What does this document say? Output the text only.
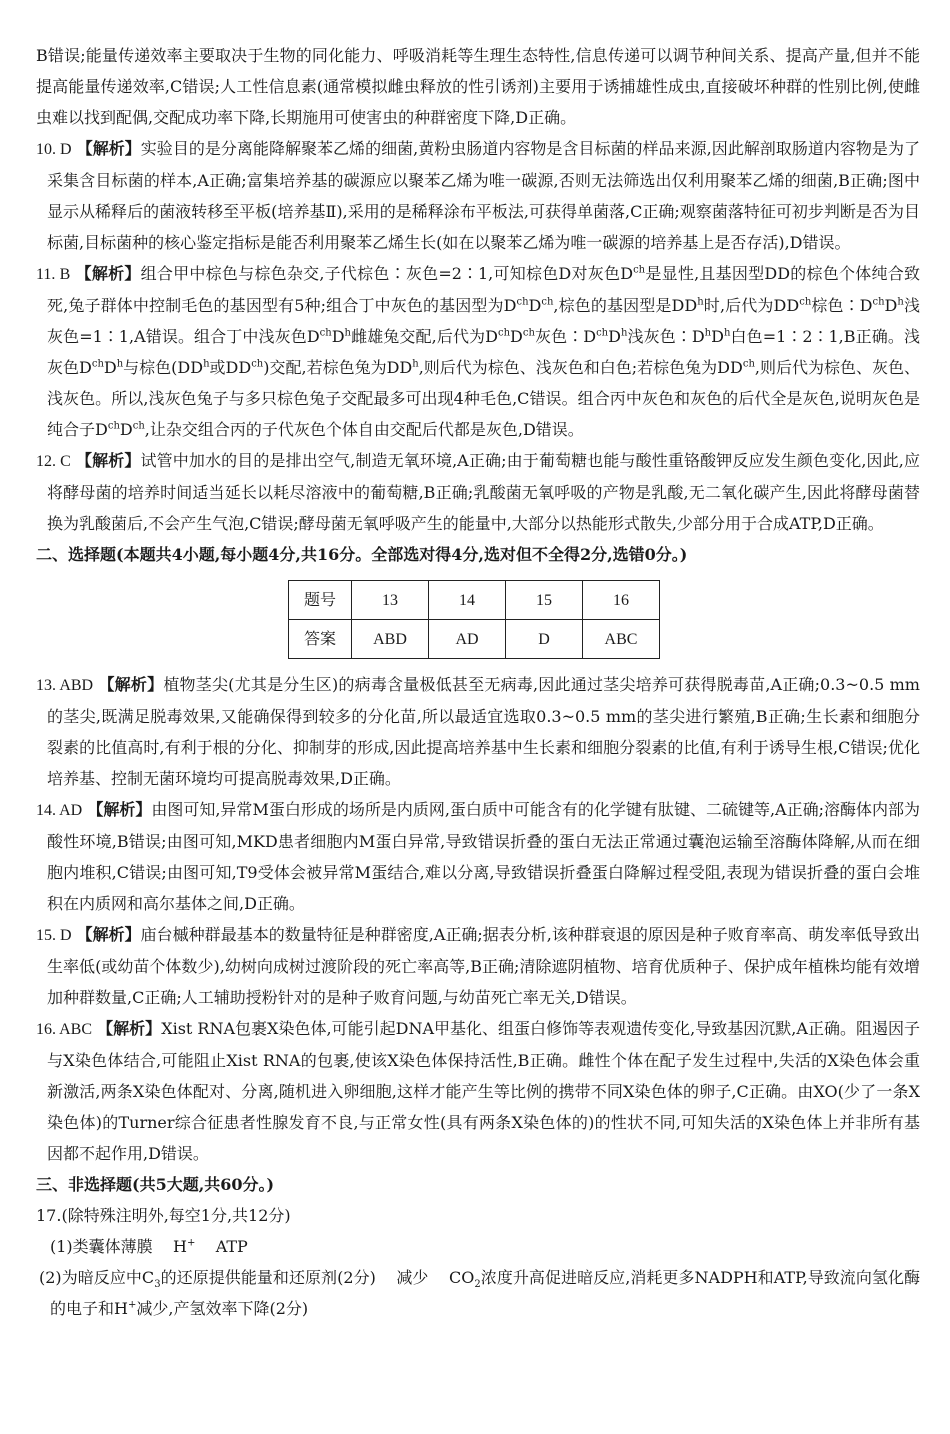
B错误;能量传递效率主要取决于生物的同化能力、呼吸消耗等生理生态特性,信息传递可以调节种间关系、提高产量,但并不能提高能量传递效率,C错误;人工性信息素(通常模拟雌虫释放的性引诱剂)主要用于诱捕雄性成虫,直接破坏种群的性别比例,使雌虫难以找到配偶,交配成功率下降,长期施用可使害虫的种群密度下降,D正确。

10. D 【解析】实验目的是分离能降解聚苯乙烯的细菌,黄粉虫肠道内容物是含目标菌的样品来源,因此解剖取肠道内容物是为了采集含目标菌的样本,A正确;富集培养基的碳源应以聚苯乙烯为唯一碳源,否则无法筛选出仅利用聚苯乙烯的细菌,B正确;图中显示从稀释后的菌液转移至平板(培养基Ⅱ),采用的是稀释涂布平板法,可获得单菌落,C正确;观察菌落特征可初步判断是否为目标菌,目标菌种的核心鉴定指标是能否利用聚苯乙烯生长(如在以聚苯乙烯为唯一碳源的培养基上是否存活),D错误。

11. B 【解析】组合甲中棕色与棕色杂交,子代棕色∶灰色=2∶1,可知棕色D对灰色$D^{ch}$是显性,且基因型DD的棕色个体纯合致死,兔子群体中控制毛色的基因型有5种;组合丁中灰色的基因型为$D^{ch}D^{ch}$,棕色的基因型是$DD^h$时,后代为$DD^{ch}$棕色$∶D^{ch}D^h$浅灰色=1∶1,A错误。组合丁中浅灰色$D^{ch}D^h$雌雄兔交配,后代为$D^{ch}D^{ch}$灰色$∶D^{ch}D^h$浅灰色$∶D^hD^h$白色=1∶2∶1,B正确。浅灰色$D^{ch}D^h$与棕色($DD^h$或$DD^{ch}$)交配,若棕色兔为$DD^h$,则后代为棕色、浅灰色和白色;若棕色兔为$DD^{ch}$,则后代为棕色、灰色、浅灰色。所以,浅灰色兔子与多只棕色兔子交配最多可出现4种毛色,C错误。组合丙中灰色和灰色的后代全是灰色,说明灰色是纯合子$D^{ch}D^{ch}$,让杂交组合丙的子代灰色个体自由交配后代都是灰色,D错误。

12. C 【解析】试管中加水的目的是排出空气,制造无氧环境,A正确;由于葡萄糖也能与酸性重铬酸钾反应发生颜色变化,因此,应将酵母菌的培养时间适当延长以耗尽溶液中的葡萄糖,B正确;乳酸菌无氧呼吸的产物是乳酸,无二氧化碳产生,因此将酵母菌替换为乳酸菌后,不会产生气泡,C错误;酵母菌无氧呼吸产生的能量中,大部分以热能形式散失,少部分用于合成ATP,D正确。

二、选择题(本题共4小题,每小题4分,共16分。全部选对得4分,选对但不全得2分,选错0分。)

题号	13	14	15	16
答案	ABD	AD	D	ABC

13. ABD 【解析】植物茎尖(尤其是分生区)的病毒含量极低甚至无病毒,因此通过茎尖培养可获得脱毒苗,A正确;0.3~0.5 mm的茎尖,既满足脱毒效果,又能确保得到较多的分化苗,所以最适宜选取0.3~0.5 mm的茎尖进行繁殖,B正确;生长素和细胞分裂素的比值高时,有利于根的分化、抑制芽的形成,因此提高培养基中生长素和细胞分裂素的比值,有利于诱导生根,C错误;优化培养基、控制无菌环境均可提高脱毒效果,D正确。

14. AD 【解析】由图可知,异常M蛋白形成的场所是内质网,蛋白质中可能含有的化学键有肽键、二硫键等,A正确;溶酶体内部为酸性环境,B错误;由图可知,MKD患者细胞内M蛋白异常,导致错误折叠的蛋白无法正常通过囊泡运输至溶酶体降解,从而在细胞内堆积,C错误;由图可知,T9受体会被异常M蛋结合,难以分离,导致错误折叠蛋白降解过程受阻,表现为错误折叠的蛋白会堆积在内质网和高尔基体之间,D正确。

15. D 【解析】庙台槭种群最基本的数量特征是种群密度,A正确;据表分析,该种群衰退的原因是种子败育率高、萌发率低导致出生率低(或幼苗个体数少),幼树向成树过渡阶段的死亡率高等,B正确;清除遮阴植物、培育优质种子、保护成年植株均能有效增加种群数量,C正确;人工辅助授粉针对的是种子败育问题,与幼苗死亡率无关,D错误。

16. ABC 【解析】Xist RNA包裹X染色体,可能引起DNA甲基化、组蛋白修饰等表观遗传变化,导致基因沉默,A正确。阻遏因子与X染色体结合,可能阻止Xist RNA的包裹,使该X染色体保持活性,B正确。雌性个体在配子发生过程中,失活的X染色体会重新激活,两条X染色体配对、分离,随机进入卵细胞,这样才能产生等比例的携带不同X染色体的卵子,C正确。由XO(少了一条X染色体)的Turner综合征患者性腺发育不良,与正常女性(具有两条X染色体的)的性状不同,可知失活的X染色体上并非所有基因都不起作用,D错误。

三、非选择题(共5大题,共60分。)

17.(除特殊注明外,每空1分,共12分)

(1)类囊体薄膜 H+ ATP

(2)为暗反应中$C_3$的还原提供能量和还原剂(2分) 减少 $CO_2$浓度升高促进暗反应,消耗更多NADPH和ATP,导致流向氢化酶的电子和H+减少,产氢效率下降(2分)
